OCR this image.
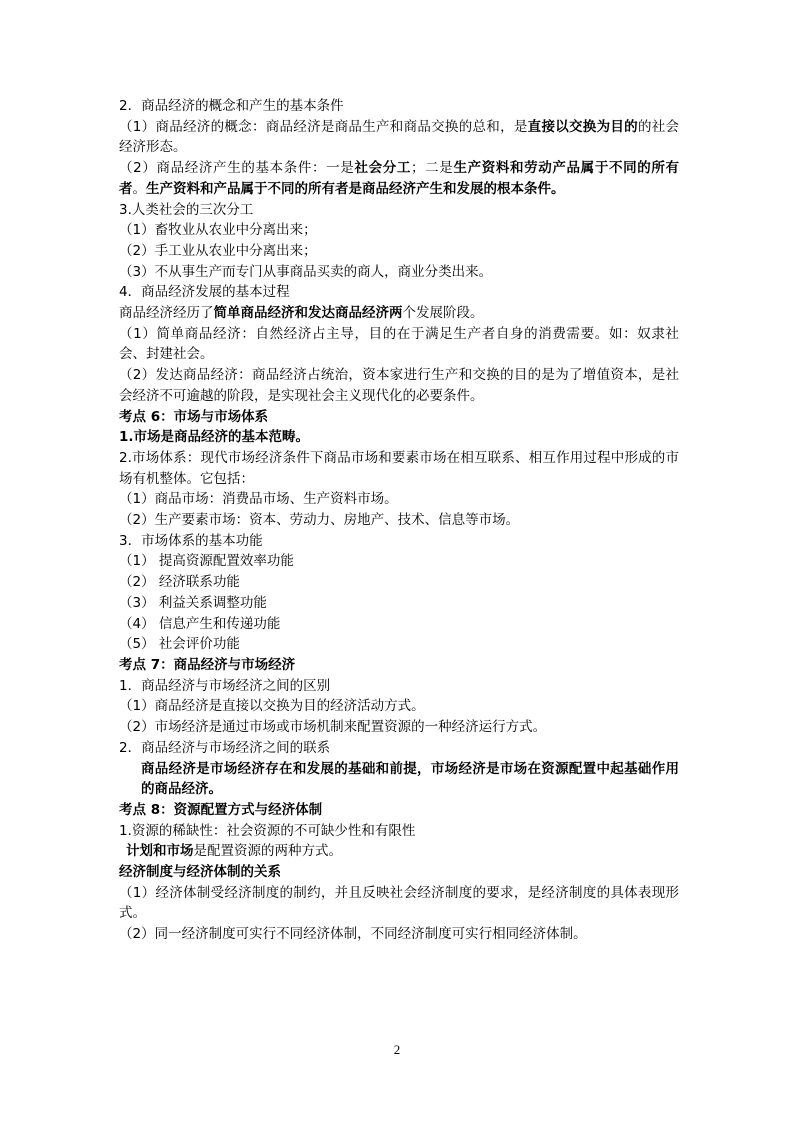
2．商品经济的概念和产生的基本条件
（1）商品经济的概念：商品经济是商品生产和商品交换的总和，是直接以交换为目的的社会经济形态。
（2）商品经济产生的基本条件：一是社会分工；二是生产资料和劳动产品属于不同的所有者。生产资料和产品属于不同的所有者是商品经济产生和发展的根本条件。
3.人类社会的三次分工
（1）畜牧业从农业中分离出来；
（2）手工业从农业中分离出来；
（3）不从事生产而专门从事商品买卖的商人，商业分类出来。
4．商品经济发展的基本过程
商品经济经历了简单商品经济和发达商品经济两个发展阶段。
（1）简单商品经济：自然经济占主导，目的在于满足生产者自身的消费需要。如：奴隶社会、封建社会。
（2）发达商品经济：商品经济占统治，资本家进行生产和交换的目的是为了增值资本，是社会经济不可逾越的阶段，是实现社会主义现代化的必要条件。
考点 6：市场与市场体系
1.市场是商品经济的基本范畴。
2.市场体系：现代市场经济条件下商品市场和要素市场在相互联系、相互作用过程中形成的市场有机整体。它包括：
（1）商品市场：消费品市场、生产资料市场。
（2）生产要素市场：资本、劳动力、房地产、技术、信息等市场。
3．市场体系的基本功能
（1） 提高资源配置效率功能
（2） 经济联系功能
（3） 利益关系调整功能
（4） 信息产生和传递功能
（5） 社会评价功能
考点 7：商品经济与市场经济
1．商品经济与市场经济之间的区别
（1）商品经济是直接以交换为目的经济活动方式。
（2）市场经济是通过市场或市场机制来配置资源的一种经济运行方式。
2．商品经济与市场经济之间的联系
商品经济是市场经济存在和发展的基础和前提，市场经济是市场在资源配置中起基础作用的商品经济。
考点 8：资源配置方式与经济体制
1.资源的稀缺性：社会资源的不可缺少性和有限性
计划和市场是配置资源的两种方式。
经济制度与经济体制的关系
（1）经济体制受经济制度的制约，并且反映社会经济制度的要求，是经济制度的具体表现形式。
（2）同一经济制度可实行不同经济体制，不同经济制度可实行相同经济体制。
2
